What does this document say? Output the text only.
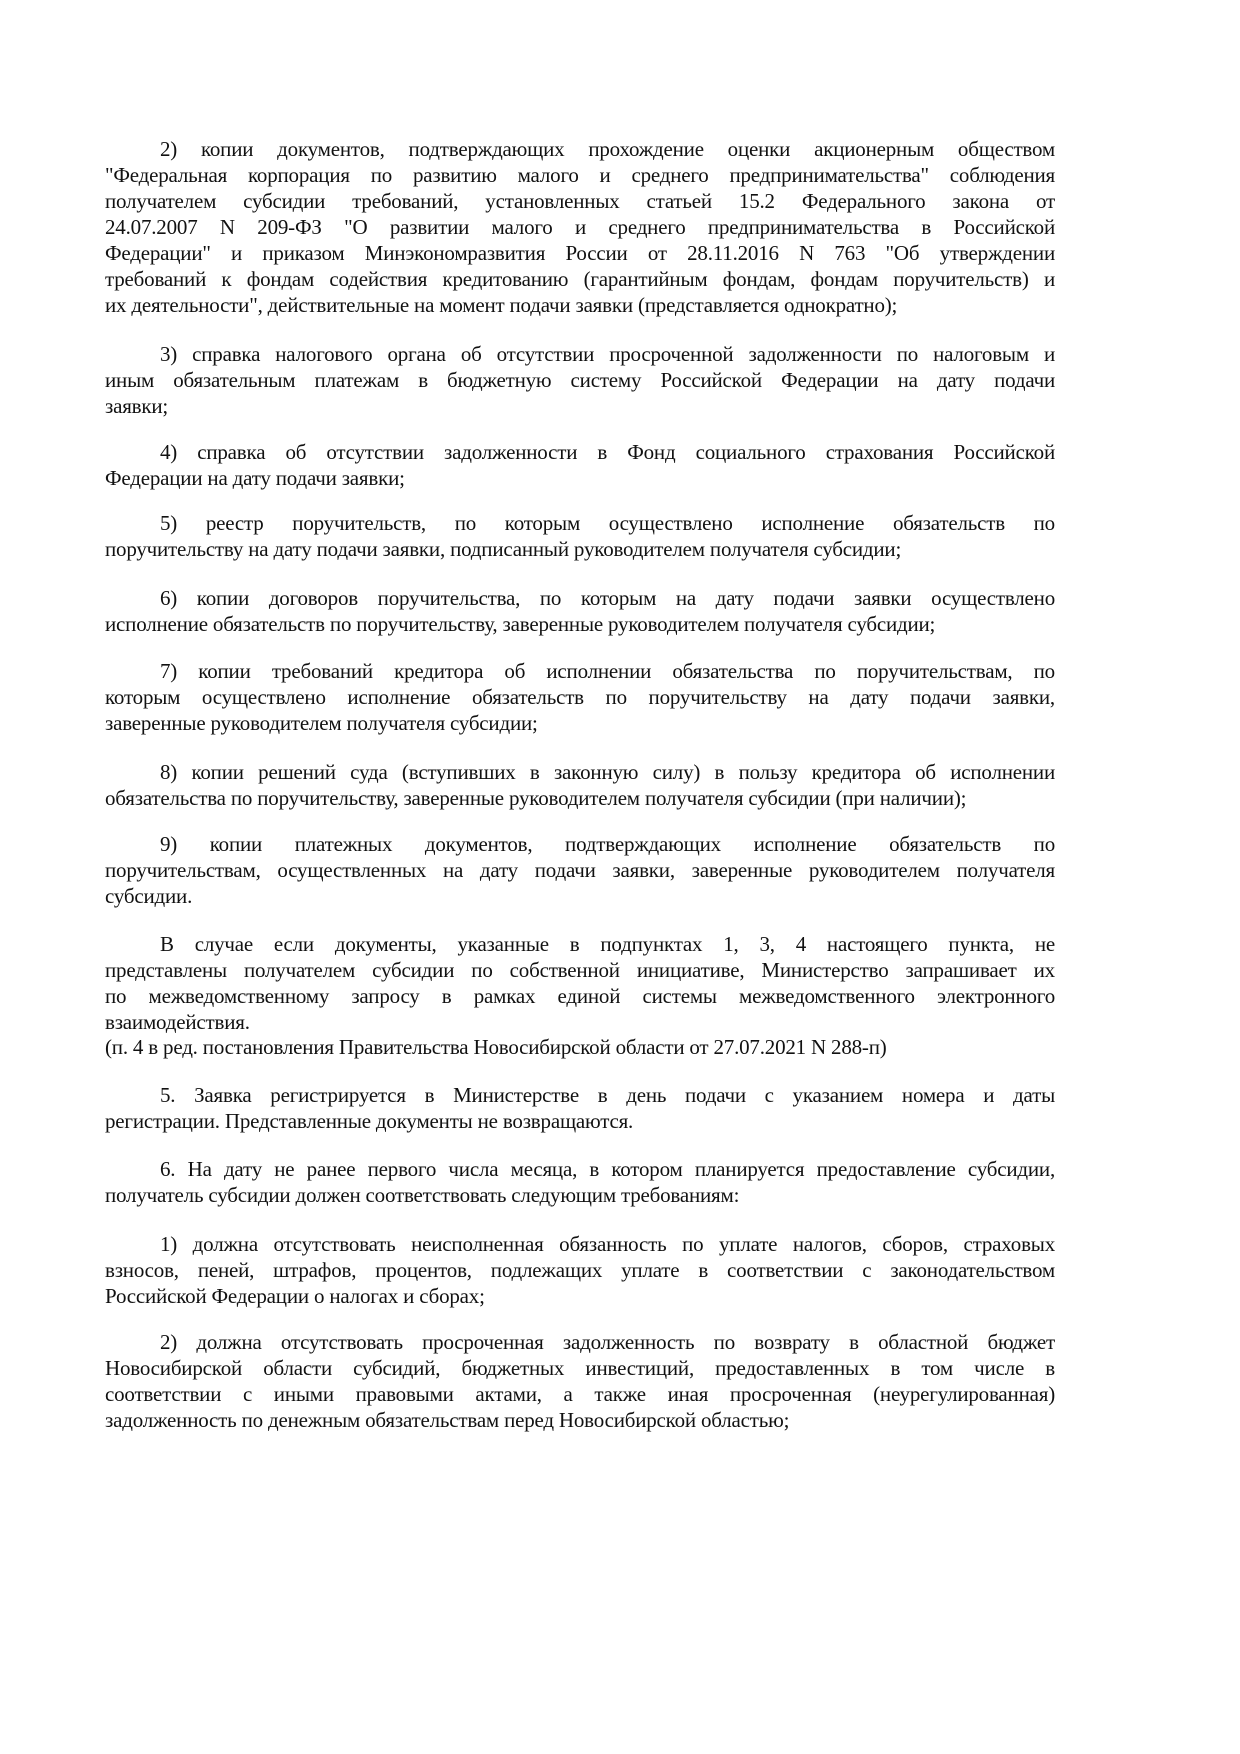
2) копии документов, подтверждающих прохождение оценки акционерным обществом
"Федеральная корпорация по развитию малого и среднего предпринимательства" соблюдения
получателем субсидии требований, установленных статьей 15.2 Федерального закона от
24.07.2007 N 209-ФЗ "О развитии малого и среднего предпринимательства в Российской
Федерации" и приказом Минэкономразвития России от 28.11.2016 N 763 "Об утверждении
требований к фондам содействия кредитованию (гарантийным фондам, фондам поручительств) и
их деятельности", действительные на момент подачи заявки (представляется однократно);
3) справка налогового органа об отсутствии просроченной задолженности по налоговым и
иным обязательным платежам в бюджетную систему Российской Федерации на дату подачи
заявки;
4) справка об отсутствии задолженности в Фонд социального страхования Российской
Федерации на дату подачи заявки;
5) реестр поручительств, по которым осуществлено исполнение обязательств по
поручительству на дату подачи заявки, подписанный руководителем получателя субсидии;
6) копии договоров поручительства, по которым на дату подачи заявки осуществлено
исполнение обязательств по поручительству, заверенные руководителем получателя субсидии;
7) копии требований кредитора об исполнении обязательства по поручительствам, по
которым осуществлено исполнение обязательств по поручительству на дату подачи заявки,
заверенные руководителем получателя субсидии;
8) копии решений суда (вступивших в законную силу) в пользу кредитора об исполнении
обязательства по поручительству, заверенные руководителем получателя субсидии (при наличии);
9) копии платежных документов, подтверждающих исполнение обязательств по
поручительствам, осуществленных на дату подачи заявки, заверенные руководителем получателя
субсидии.
В случае если документы, указанные в подпунктах 1, 3, 4 настоящего пункта, не
представлены получателем субсидии по собственной инициативе, Министерство запрашивает их
по межведомственному запросу в рамках единой системы межведомственного электронного
взаимодействия.
(п. 4 в ред. постановления Правительства Новосибирской области от 27.07.2021 N 288-п)
5. Заявка регистрируется в Министерстве в день подачи с указанием номера и даты
регистрации. Представленные документы не возвращаются.
6. На дату не ранее первого числа месяца, в котором планируется предоставление субсидии,
получатель субсидии должен соответствовать следующим требованиям:
1) должна отсутствовать неисполненная обязанность по уплате налогов, сборов, страховых
взносов, пеней, штрафов, процентов, подлежащих уплате в соответствии с законодательством
Российской Федерации о налогах и сборах;
2) должна отсутствовать просроченная задолженность по возврату в областной бюджет
Новосибирской области субсидий, бюджетных инвестиций, предоставленных в том числе в
соответствии с иными правовыми актами, а также иная просроченная (неурегулированная)
задолженность по денежным обязательствам перед Новосибирской областью;
